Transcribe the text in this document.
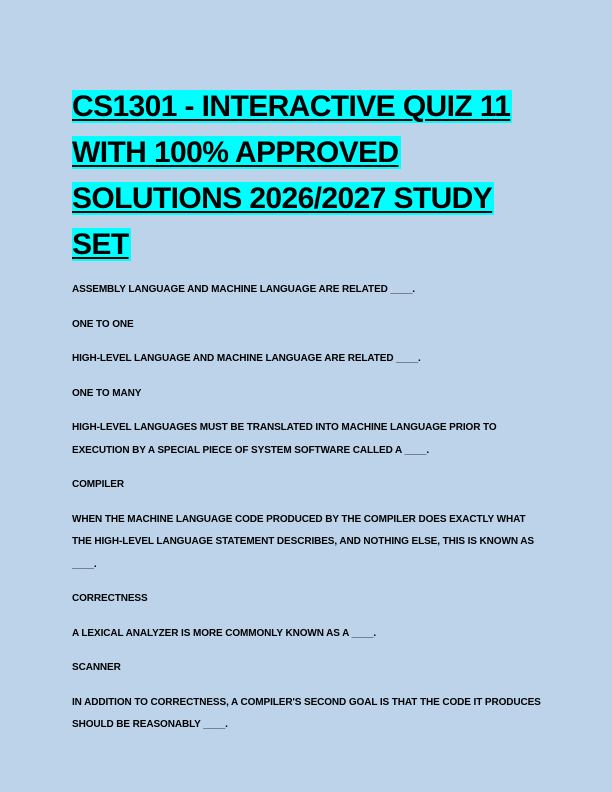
CS1301 - INTERACTIVE QUIZ 11 WITH 100% APPROVED SOLUTIONS 2026/2027 STUDY SET

ASSEMBLY LANGUAGE AND MACHINE LANGUAGE ARE RELATED ____.

ONE TO ONE

HIGH-LEVEL LANGUAGE AND MACHINE LANGUAGE ARE RELATED ____.

ONE TO MANY

HIGH-LEVEL LANGUAGES MUST BE TRANSLATED INTO MACHINE LANGUAGE PRIOR TO EXECUTION BY A SPECIAL PIECE OF SYSTEM SOFTWARE CALLED A ____.

COMPILER

WHEN THE MACHINE LANGUAGE CODE PRODUCED BY THE COMPILER DOES EXACTLY WHAT THE HIGH-LEVEL LANGUAGE STATEMENT DESCRIBES, AND NOTHING ELSE, THIS IS KNOWN AS ____.

CORRECTNESS

A LEXICAL ANALYZER IS MORE COMMONLY KNOWN AS A ____.

SCANNER

IN ADDITION TO CORRECTNESS, A COMPILER'S SECOND GOAL IS THAT THE CODE IT PRODUCES SHOULD BE REASONABLY ____.
